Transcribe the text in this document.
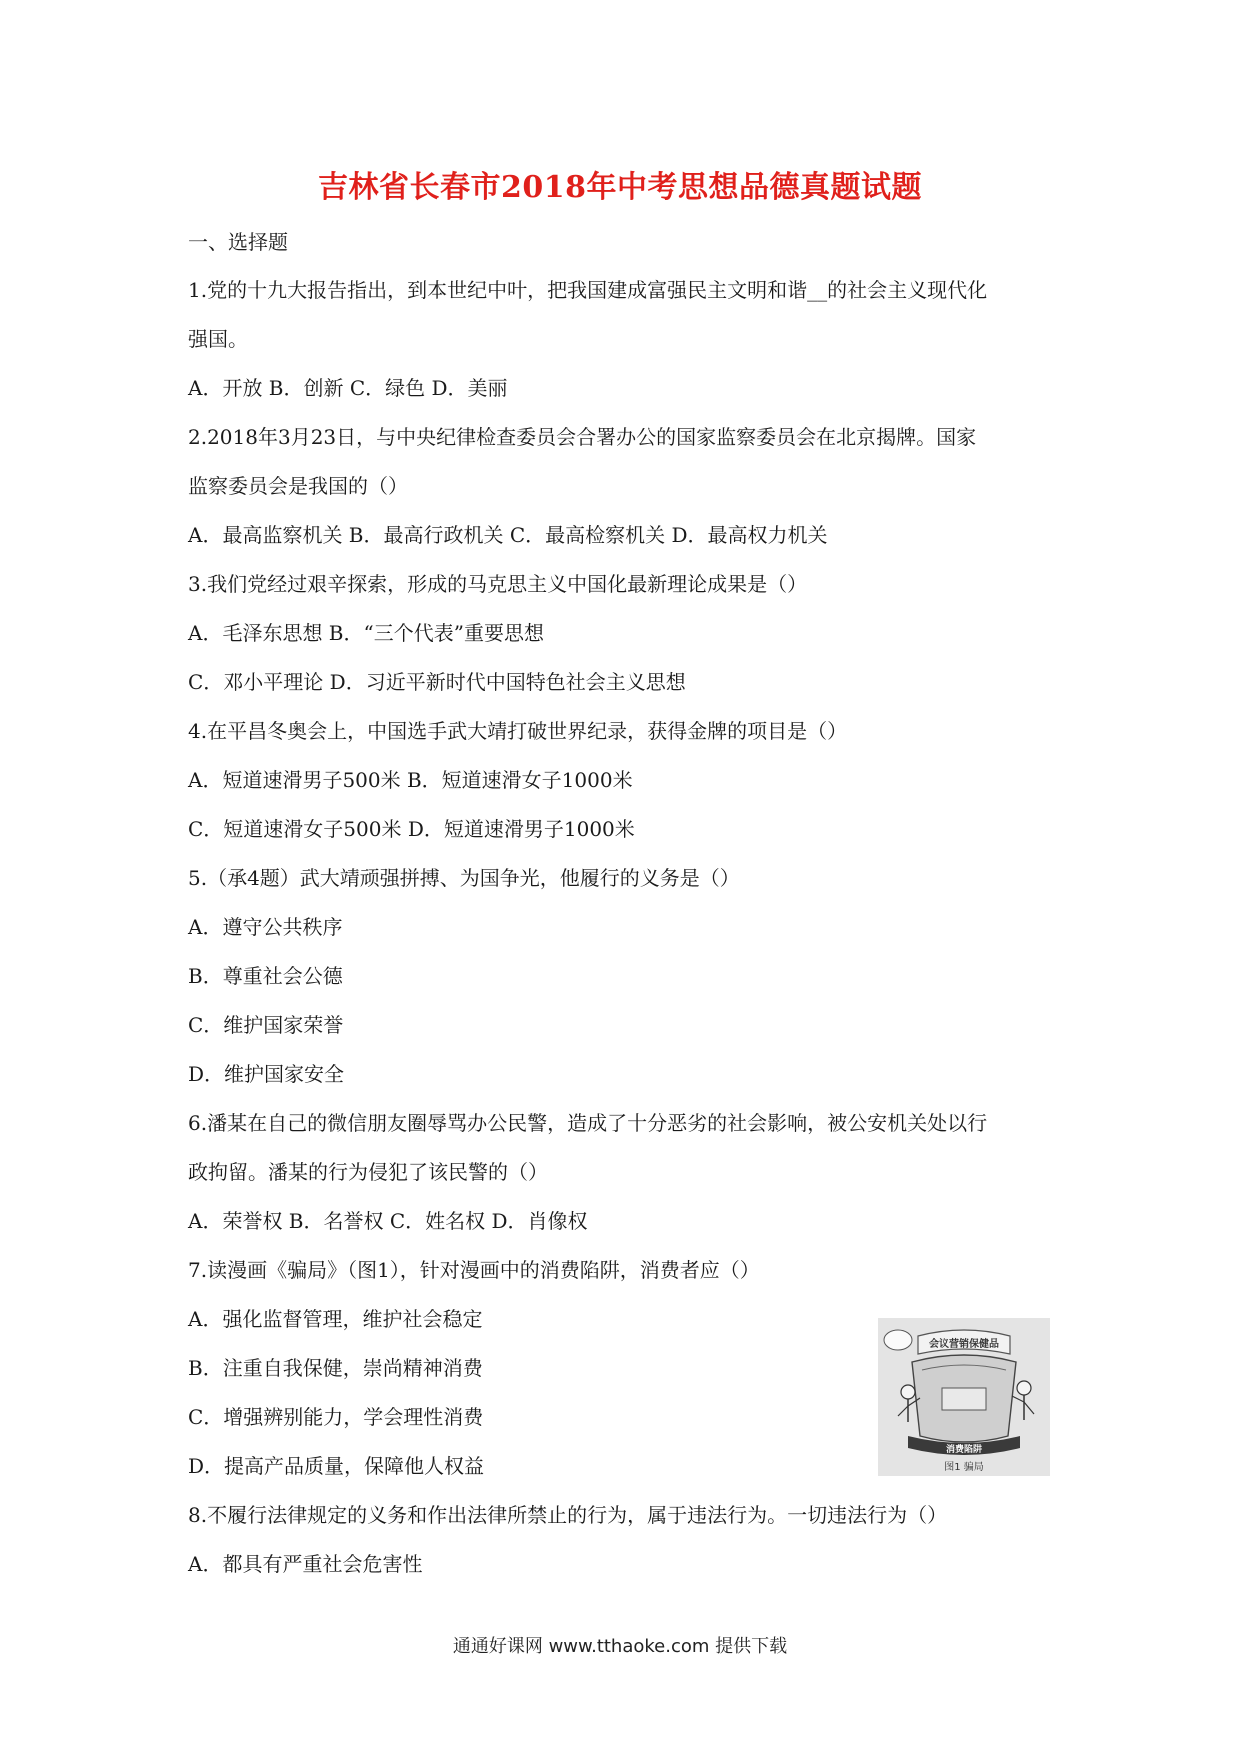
吉林省长春市2018年中考思想品德真题试题
一、选择题
1.党的十九大报告指出，到本世纪中叶，把我国建成富强民主文明和谐__的社会主义现代化
强国。
A．开放 B．创新 C．绿色 D．美丽
2.2018年3月23日，与中央纪律检查委员会合署办公的国家监察委员会在北京揭牌。国家
监察委员会是我国的（）
A．最高监察机关 B．最高行政机关 C．最高检察机关 D．最高权力机关
3.我们党经过艰辛探索，形成的马克思主义中国化最新理论成果是（）
A．毛泽东思想 B．“三个代表”重要思想
C．邓小平理论 D．习近平新时代中国特色社会主义思想
4.在平昌冬奥会上，中国选手武大靖打破世界纪录，获得金牌的项目是（）
A．短道速滑男子500米 B．短道速滑女子1000米
C．短道速滑女子500米 D．短道速滑男子1000米
5.（承4题）武大靖顽强拼搏、为国争光，他履行的义务是（）
A．遵守公共秩序
B．尊重社会公德
C．维护国家荣誉
D．维护国家安全
6.潘某在自己的微信朋友圈辱骂办公民警，造成了十分恶劣的社会影响，被公安机关处以行
政拘留。潘某的行为侵犯了该民警的（）
A．荣誉权 B．名誉权 C．姓名权 D．肖像权
7.读漫画《骗局》（图1），针对漫画中的消费陷阱，消费者应（）
A．强化监督管理，维护社会稳定
B．注重自我保健，崇尚精神消费
C．增强辨别能力，学会理性消费
D．提高产品质量，保障他人权益
8.不履行法律规定的义务和作出法律所禁止的行为，属于违法行为。一切违法行为（）
A．都具有严重社会危害性
会议营销保健品
消费陷阱
图1 骗局
通通好课网 www.tthaoke.com 提供下载
